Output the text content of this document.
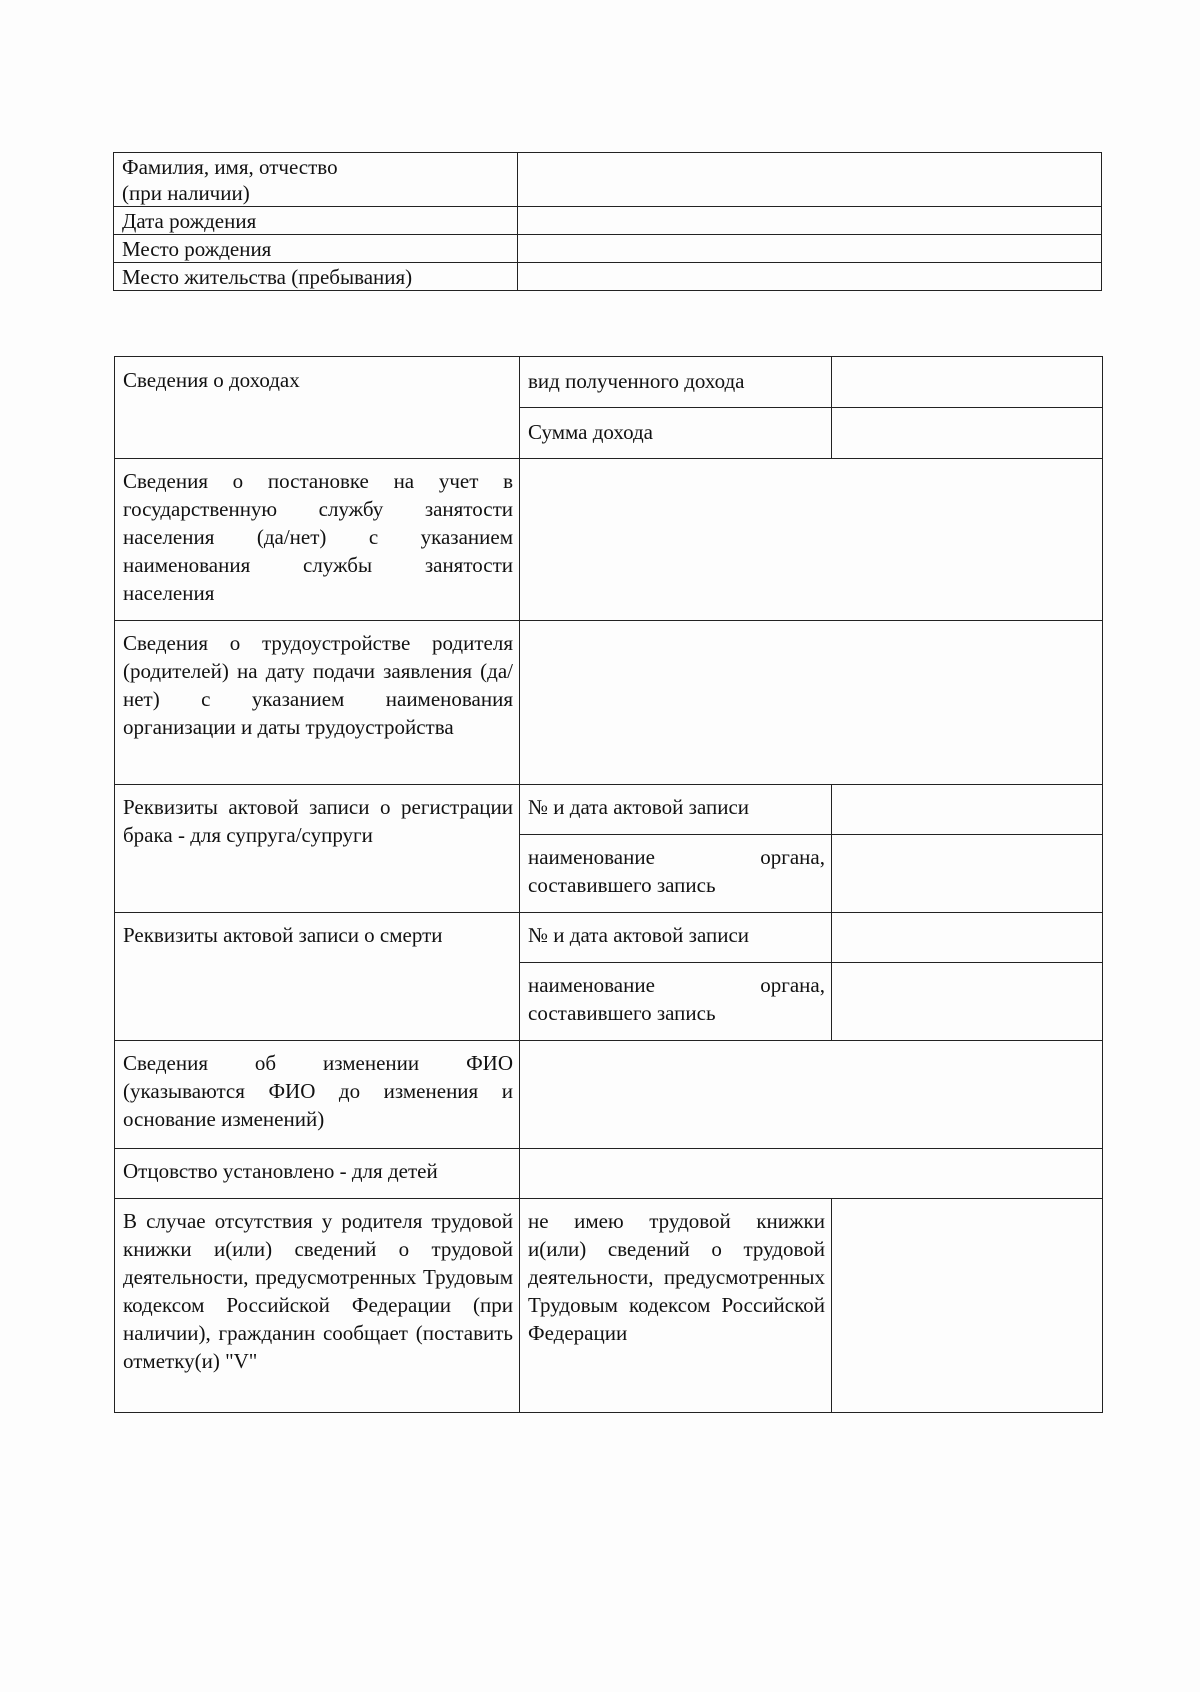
Фамилия, имя, отчество
(при наличии)	

Дата рождения	
Место рождения	
Место жительства (пребывания)	
Сведения о доходах	вид полученного дохода	
	Сумма дохода	
Сведения о постановке на учет в государственную службу занятости населения (да/нет) с указанием наименования службы занятости населения		
Сведения о трудоустройстве родителя (родителей) на дату подачи заявления (да/нет) с указанием наименования организации и даты трудоустройства		
Реквизиты актовой записи о регистрации брака - для супруга/супруги	№ и дата актовой записи	
	наименование органа, составившего запись	
Реквизиты актовой записи о смерти	№ и дата актовой записи	
	наименование органа, составившего запись	
Сведения об изменении ФИО (указываются ФИО до изменения и основание изменений)		
Отцовство установлено - для детей		
В случае отсутствия у родителя трудовой книжки и(или) сведений о трудовой деятельности, предусмотренных Трудовым кодексом Российской Федерации (при наличии), гражданин сообщает (поставить отметку(и) "V"	не имею трудовой книжки и(или) сведений о трудовой деятельности, предусмотренных Трудовым кодексом Российской Федерации	
